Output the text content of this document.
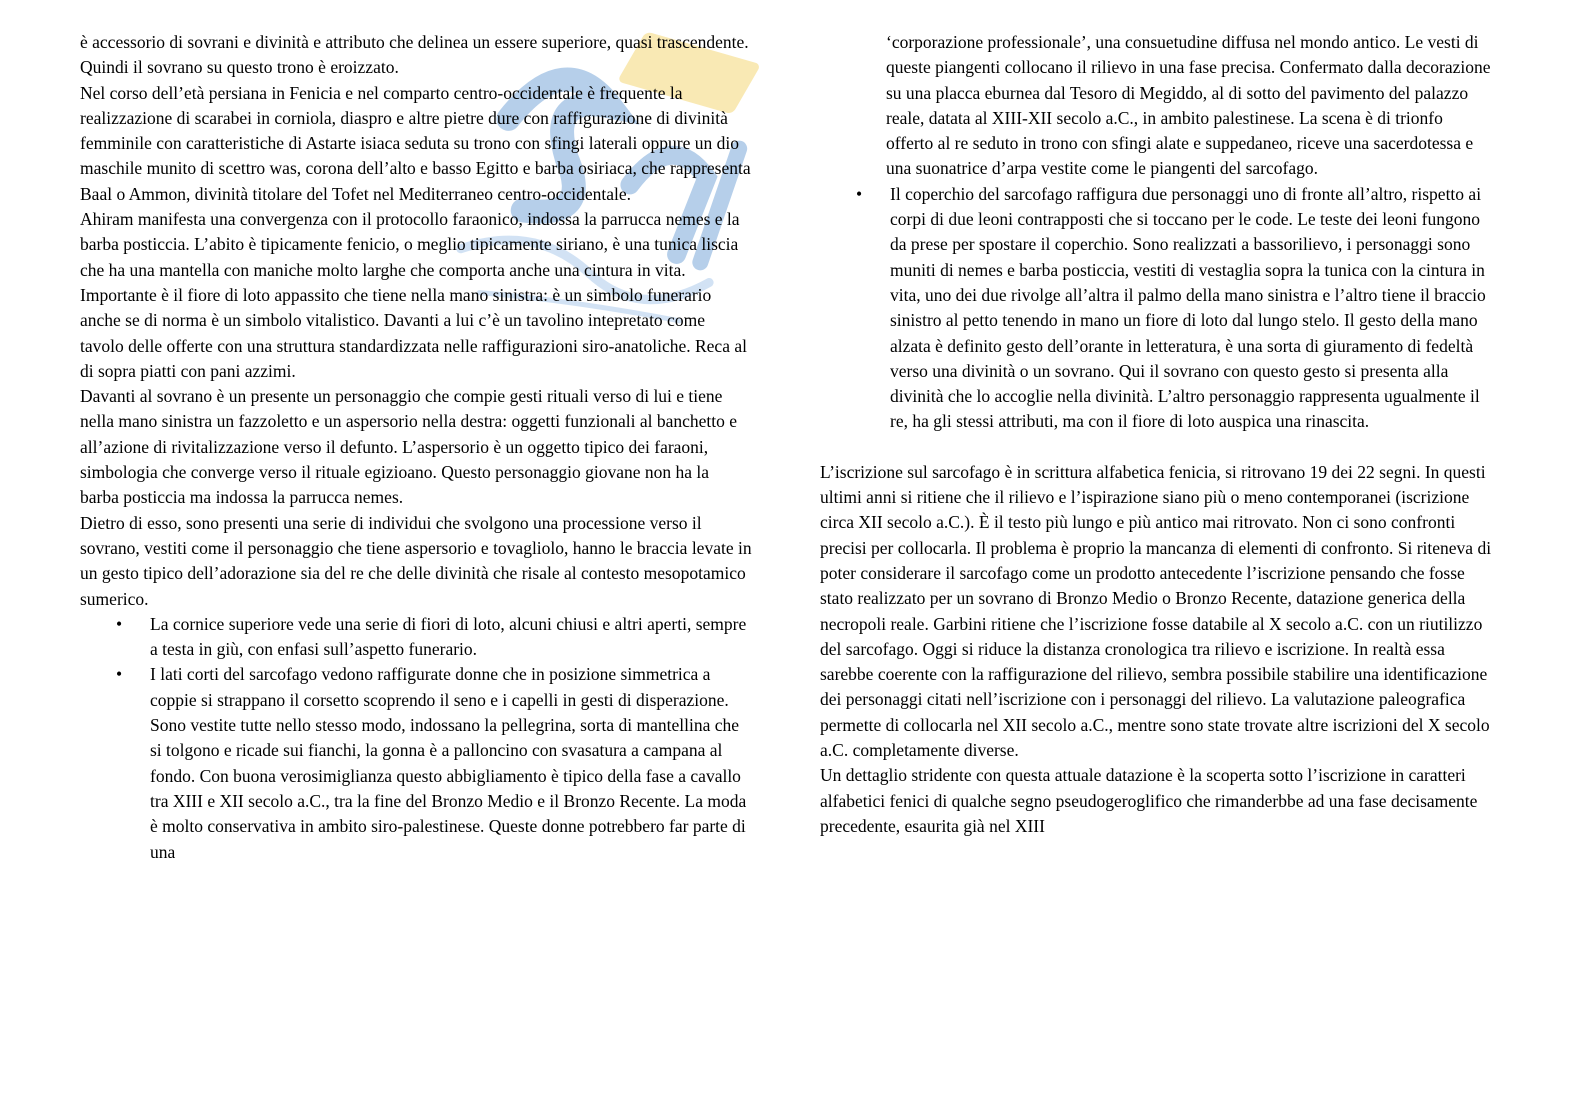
è accessorio di sovrani e divinità e attributo che delinea un essere superiore, quasi trascendente. Quindi il sovrano su questo trono è eroizzato.

Nel corso dell’età persiana in Fenicia e nel comparto centro-occidentale è frequente la realizzazione di scarabei in corniola, diaspro e altre pietre dure con raffigurazione di divinità femminile con caratteristiche di Astarte isiaca seduta su trono con sfingi laterali oppure un dio maschile munito di scettro was, corona dell’alto e basso Egitto e barba osiriaca, che rappresenta Baal o Ammon, divinità titolare del Tofet nel Mediterraneo centro-occidentale.

Ahiram manifesta una convergenza con il protocollo faraonico, indossa la parrucca nemes e la barba posticcia. L’abito è tipicamente fenicio, o meglio tipicamente siriano, è una tunica liscia che ha una mantella con maniche molto larghe che comporta anche una cintura in vita. Importante è il fiore di loto appassito che tiene nella mano sinistra: è un simbolo funerario anche se di norma è un simbolo vitalistico. Davanti a lui c’è un tavolino intepretato come tavolo delle offerte con una struttura standardizzata nelle raffigurazioni siro-anatoliche. Reca al di sopra piatti con pani azzimi.

Davanti al sovrano è un presente un personaggio che compie gesti rituali verso di lui e tiene nella mano sinistra un fazzoletto e un aspersorio nella destra: oggetti funzionali al banchetto e all’azione di rivitalizzazione verso il defunto. L’aspersorio è un oggetto tipico dei faraoni, simbologia che converge verso il rituale egizioano. Questo personaggio giovane non ha la barba posticcia ma indossa la parrucca nemes.

Dietro di esso, sono presenti una serie di individui che svolgono una processione verso il sovrano, vestiti come il personaggio che tiene aspersorio e tovagliolo, hanno le braccia levate in un gesto tipico dell’adorazione sia del re che delle divinità che risale al contesto mesopotamico sumerico.

• La cornice superiore vede una serie di fiori di loto, alcuni chiusi e altri aperti, sempre a testa in giù, con enfasi sull’aspetto funerario.
• I lati corti del sarcofago vedono raffigurate donne che in posizione simmetrica a coppie si strappano il corsetto scoprendo il seno e i capelli in gesti di disperazione. Sono vestite tutte nello stesso modo, indossano la pellegrina, sorta di mantellina che si tolgono e ricade sui fianchi, la gonna è a palloncino con svasatura a campana al fondo. Con buona verosimiglianza questo abbigliamento è tipico della fase a cavallo tra XIII e XII secolo a.C., tra la fine del Bronzo Medio e il Bronzo Recente. La moda è molto conservativa in ambito siro-palestinese. Queste donne potrebbero far parte di una

‘corporazione professionale’, una consuetudine diffusa nel mondo antico. Le vesti di queste piangenti collocano il rilievo in una fase precisa. Confermato dalla decorazione su una placca eburnea dal Tesoro di Megiddo, al di sotto del pavimento del palazzo reale, datata al XIII-XII secolo a.C., in ambito palestinese. La scena è di trionfo offerto al re seduto in trono con sfingi alate e suppedaneo, riceve una sacerdotessa e una suonatrice d’arpa vestite come le piangenti del sarcofago.

• Il coperchio del sarcofago raffigura due personaggi uno di fronte all’altro, rispetto ai corpi di due leoni contrapposti che si toccano per le code. Le teste dei leoni fungono da prese per spostare il coperchio. Sono realizzati a bassorilievo, i personaggi sono muniti di nemes e barba posticcia, vestiti di vestaglia sopra la tunica con la cintura in vita, uno dei due rivolge all’altra il palmo della mano sinistra e l’altro tiene il braccio sinistro al petto tenendo in mano un fiore di loto dal lungo stelo. Il gesto della mano alzata è definito gesto dell’orante in letteratura, è una sorta di giuramento di fedeltà verso una divinità o un sovrano. Qui il sovrano con questo gesto si presenta alla divinità che lo accoglie nella divinità. L’altro personaggio rappresenta ugualmente il re, ha gli stessi attributi, ma con il fiore di loto auspica una rinascita.

L’iscrizione sul sarcofago è in scrittura alfabetica fenicia, si ritrovano 19 dei 22 segni. In questi ultimi anni si ritiene che il rilievo e l’ispirazione siano più o meno contemporanei (iscrizione circa XII secolo a.C.). È il testo più lungo e più antico mai ritrovato. Non ci sono confronti precisi per collocarla. Il problema è proprio la mancanza di elementi di confronto. Si riteneva di poter considerare il sarcofago come un prodotto antecedente l’iscrizione pensando che fosse stato realizzato per un sovrano di Bronzo Medio o Bronzo Recente, datazione generica della necropoli reale. Garbini ritiene che l’iscrizione fosse databile al X secolo a.C. con un riutilizzo del sarcofago. Oggi si riduce la distanza cronologica tra rilievo e iscrizione. In realtà essa sarebbe coerente con la raffigurazione del rilievo, sembra possibile stabilire una identificazione dei personaggi citati nell’iscrizione con i personaggi del rilievo. La valutazione paleografica permette di collocarla nel XII secolo a.C., mentre sono state trovate altre iscrizioni del X secolo a.C. completamente diverse.

Un dettaglio stridente con questa attuale datazione è la scoperta sotto l’iscrizione in caratteri alfabetici fenici di qualche segno pseudogeroglifico che rimanderbbe ad una fase decisamente precedente, esaurita già nel XIII
